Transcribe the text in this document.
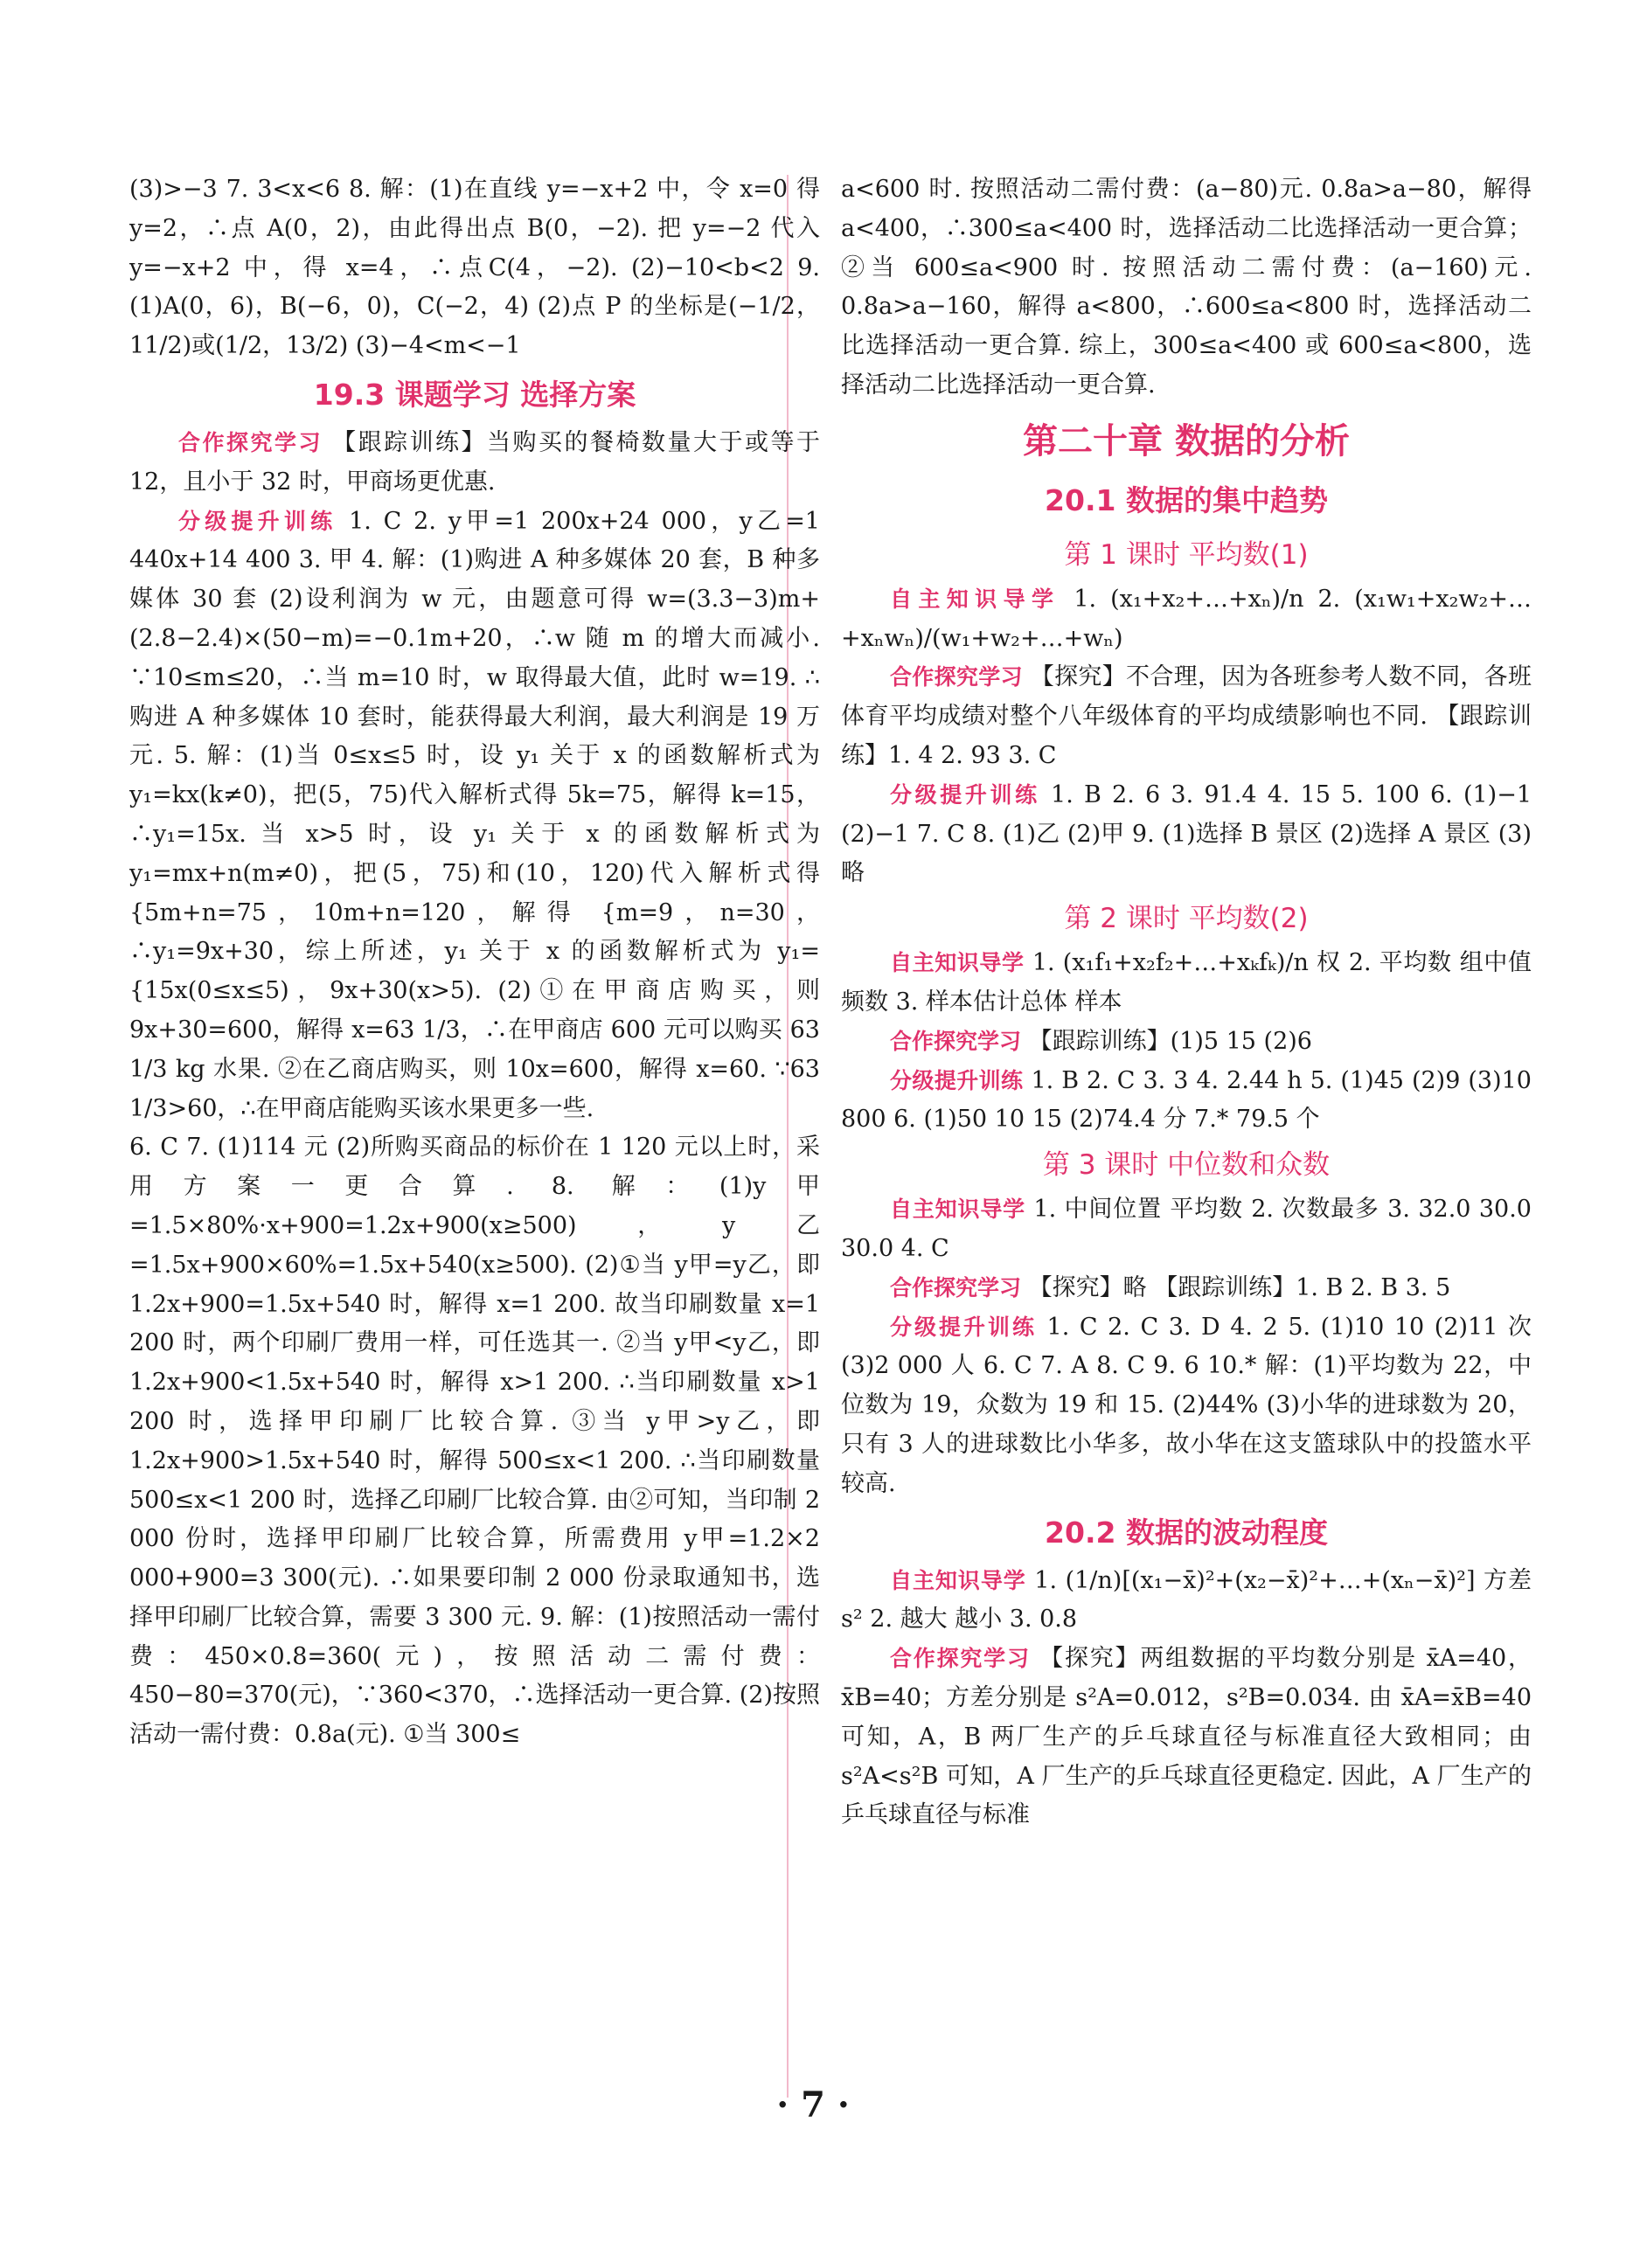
(3)>−3 7. 3<x<6 8. 解：(1)在直线 y=−x+2 中，令 x=0 得 y=2，∴点 A(0，2)，由此得出点 B(0，−2). 把 y=−2 代入 y=−x+2 中，得 x=4，∴点C(4，−2). (2)−10<b<2 9. (1)A(0，6)，B(−6，0)，C(−2，4) (2)点 P 的坐标是(−1/2，11/2)或(1/2，13/2) (3)−4<m<−1

19.3 课题学习 选择方案

合作探究学习 【跟踪训练】当购买的餐椅数量大于或等于 12，且小于 32 时，甲商场更优惠.

分级提升训练 1. C 2. y甲=1 200x+24 000，y乙=1 440x+14 400 3. 甲 4. 解：(1)购进 A 种多媒体 20 套，B 种多媒体 30 套 (2)设利润为 w 元，由题意可得 w=(3.3−3)m+(2.8−2.4)×(50−m)=−0.1m+20，∴w 随 m 的增大而减小. ∵10≤m≤20，∴当 m=10 时，w 取得最大值，此时 w=19. ∴购进 A 种多媒体 10 套时，能获得最大利润，最大利润是 19 万元. 5. 解：(1)当 0≤x≤5 时，设 y₁ 关于 x 的函数解析式为 y₁=kx(k≠0)，把(5，75)代入解析式得 5k=75，解得 k=15，∴y₁=15x. 当 x>5 时，设 y₁ 关于 x 的函数解析式为 y₁=mx+n(m≠0)，把(5，75)和(10，120)代入解析式得 {5m+n=75，10m+n=120，解得 {m=9，n=30，∴y₁=9x+30，综上所述，y₁ 关于 x 的函数解析式为 y₁={15x(0≤x≤5)，9x+30(x>5). (2)①在甲商店购买，则 9x+30=600，解得 x=63 1/3，∴在甲商店 600 元可以购买 63 1/3 kg 水果. ②在乙商店购买，则 10x=600，解得 x=60. ∵63 1/3>60，∴在甲商店能购买该水果更多一些.

6. C 7. (1)114 元 (2)所购买商品的标价在 1 120 元以上时，采用方案一更合算. 8. 解：(1)y甲=1.5×80%·x+900=1.2x+900(x≥500)，y乙=1.5x+900×60%=1.5x+540(x≥500). (2)①当 y甲=y乙，即 1.2x+900=1.5x+540 时，解得 x=1 200. 故当印刷数量 x=1 200 时，两个印刷厂费用一样，可任选其一. ②当 y甲<y乙，即 1.2x+900<1.5x+540 时，解得 x>1 200. ∴当印刷数量 x>1 200 时，选择甲印刷厂比较合算. ③当 y甲>y乙，即 1.2x+900>1.5x+540 时，解得 500≤x<1 200. ∴当印刷数量 500≤x<1 200 时，选择乙印刷厂比较合算. 由②可知，当印制 2 000 份时，选择甲印刷厂比较合算，所需费用 y甲=1.2×2 000+900=3 300(元). ∴如果要印制 2 000 份录取通知书，选择甲印刷厂比较合算，需要 3 300 元. 9. 解：(1)按照活动一需付费：450×0.8=360(元)，按照活动二需付费：450−80=370(元)，∵360<370，∴选择活动一更合算. (2)按照活动一需付费：0.8a(元). ①当 300≤

a<600 时. 按照活动二需付费：(a−80)元. 0.8a>a−80，解得 a<400，∴300≤a<400 时，选择活动二比选择活动一更合算；②当 600≤a<900 时. 按照活动二需付费：(a−160)元. 0.8a>a−160，解得 a<800，∴600≤a<800 时，选择活动二比选择活动一更合算. 综上，300≤a<400 或 600≤a<800，选择活动二比选择活动一更合算.

第二十章 数据的分析
20.1 数据的集中趋势
第 1 课时 平均数(1)

自主知识导学 1. (x₁+x₂+…+xₙ)/n 2. (x₁w₁+x₂w₂+…+xₙwₙ)/(w₁+w₂+…+wₙ)

合作探究学习 【探究】不合理，因为各班参考人数不同，各班体育平均成绩对整个八年级体育的平均成绩影响也不同. 【跟踪训练】1. 4 2. 93 3. C

分级提升训练 1. B 2. 6 3. 91.4 4. 15 5. 100 6. (1)−1 (2)−1 7. C 8. (1)乙 (2)甲 9. (1)选择 B 景区 (2)选择 A 景区 (3)略

第 2 课时 平均数(2)

自主知识导学 1. (x₁f₁+x₂f₂+…+xₖfₖ)/n 权 2. 平均数 组中值 频数 3. 样本估计总体 样本

合作探究学习 【跟踪训练】(1)5 15 (2)6

分级提升训练 1. B 2. C 3. 3 4. 2.44 h 5. (1)45 (2)9 (3)10 800 6. (1)50 10 15 (2)74.4 分 7.* 79.5 个

第 3 课时 中位数和众数

自主知识导学 1. 中间位置 平均数 2. 次数最多 3. 32.0 30.0 30.0 4. C

合作探究学习 【探究】略 【跟踪训练】1. B 2. B 3. 5

分级提升训练 1. C 2. C 3. D 4. 2 5. (1)10 10 (2)11 次 (3)2 000 人 6. C 7. A 8. C 9. 6 10.* 解：(1)平均数为 22，中位数为 19，众数为 19 和 15. (2)44% (3)小华的进球数为 20，只有 3 人的进球数比小华多，故小华在这支篮球队中的投篮水平较高.

20.2 数据的波动程度

自主知识导学 1. (1/n)[(x₁−x̄)²+(x₂−x̄)²+…+(xₙ−x̄)²] 方差 s² 2. 越大 越小 3. 0.8

合作探究学习 【探究】两组数据的平均数分别是 x̄A=40，x̄B=40；方差分别是 s²A=0.012，s²B=0.034. 由 x̄A=x̄B=40 可知，A，B 两厂生产的乒乓球直径与标准直径大致相同；由 s²A<s²B 可知，A 厂生产的乒乓球直径更稳定. 因此，A 厂生产的乒乓球直径与标准

· 7 ·
